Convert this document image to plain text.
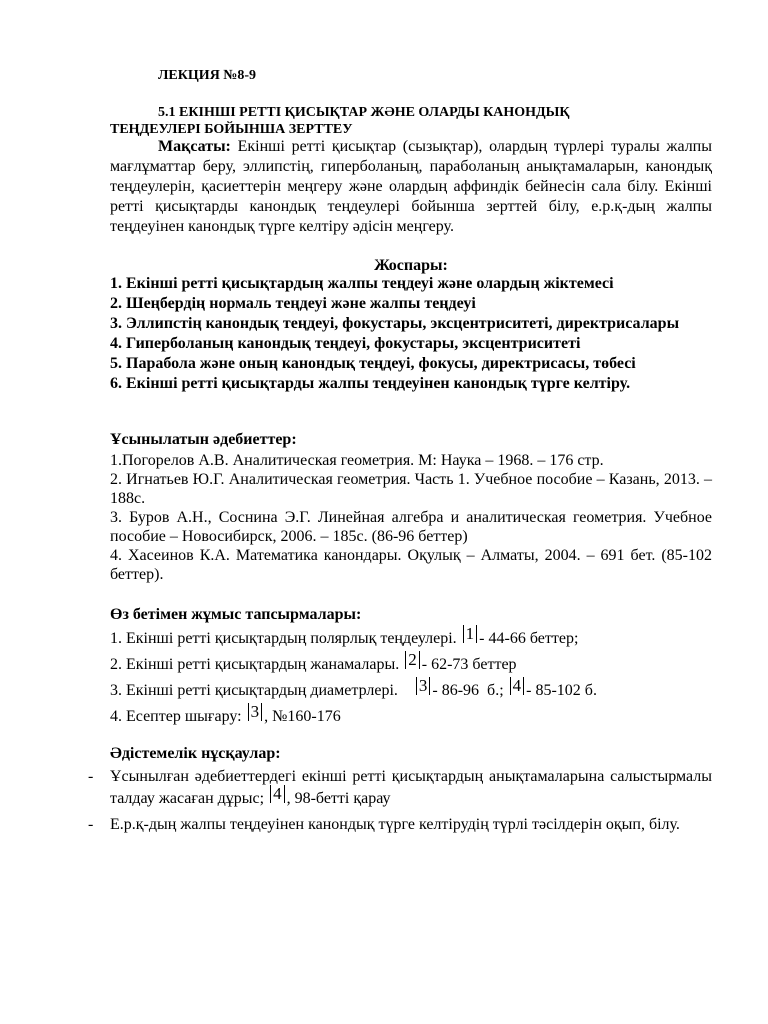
ЛЕКЦИЯ №8-9
5.1 ЕКІНШІ РЕТТІ ҚИСЫҚТАР ЖӘНЕ ОЛАРДЫ КАНОНДЫҚ
ТЕҢДЕУЛЕРІ БОЙЫНША ЗЕРТТЕУ
Мақсаты: Екінші ретті қисықтар (сызықтар), олардың түрлері туралы жалпы мағлұматтар беру, эллипстің, гиперболаның, параболаның анықтамаларын, канондық теңдеулерін, қасиеттерін меңгеру және олардың аффиндік бейнесін сала білу. Екінші ретті қисықтарды канондық теңдеулері бойынша зерттей білу, е.р.қ-дың жалпы теңдеуінен канондық түрге келтіру әдісін меңгеру.
Жоспары:
1. Екінші ретті қисықтардың жалпы теңдеуі және олардың жіктемесі
2. Шеңбердің нормаль теңдеуі және жалпы теңдеуі
3. Эллипстің канондық теңдеуі, фокустары, эксцентриситеті, директрисалары
4. Гиперболаның канондық теңдеуі, фокустары, эксцентриситеті
5. Парабола және оның канондық теңдеуі, фокусы, директрисасы, төбесі
6. Екінші ретті қисықтарды жалпы теңдеуінен канондық түрге келтіру.
Ұсынылатын әдебиеттер:
1.Погорелов А.В. Аналитическая геометрия. М: Наука – 1968. – 176 стр.
2. Игнатьев Ю.Г. Аналитическая геометрия. Часть 1. Учебное пособие – Казань, 2013. – 188с.
3. Буров А.Н., Соснина Э.Г. Линейная алгебра и аналитическая геометрия. Учебное пособие – Новосибирск, 2006. – 185с. (86-96 беттер)
4. Хасеинов К.А. Математика канондары. Оқулық – Алматы, 2004. – 691 бет. (85-102 беттер).
Өз бетімен жұмыс тапсырмалары:
1. Екінші ретті қисықтардың полярлық теңдеулері. 1 - 44-66 беттер;
2. Екінші ретті қисықтардың жанамалары. 2 - 62-73 беттер
3. Екінші ретті қисықтардың диаметрлері.    3 - 86-96  б.; 4 - 85-102 б.
4. Есептер шығару: 3 , №160-176
Әдістемелік нұсқаулар:
- Ұсынылған әдебиеттердегі екінші ретті қисықтардың анықтамаларына салыстырмалы талдау жасаған дұрыс; 4 , 98-бетті қарау
- Е.р.қ-дың жалпы теңдеуінен канондық түрге келтірудің түрлі тәсілдерін оқып, білу.
